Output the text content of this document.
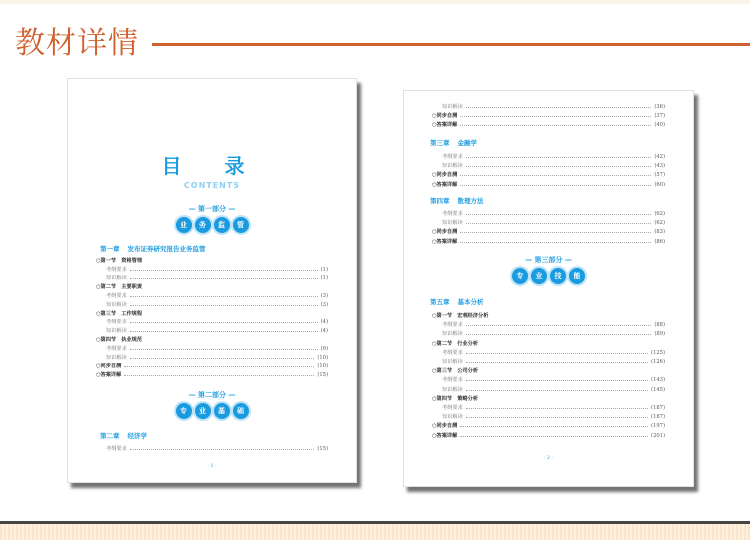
教材详情
目 录
CONTENTS
— 第一部分 —
业	务	监	管
第一章 发布证券研究报告业务监管
○第一节　资格管理
考纲要求	(1)
知识解读	(1)
○第二节　主要职责
考纲要求	(3)
知识解读	(3)
○第三节　工作规程
考纲要求	(4)
知识解读	(4)
○第四节　执业规范
考纲要求	(9)
知识解读	(10)
○同步自测	(10)
○答案详解	(15)
— 第二部分 —
专	业	基	础
第二章 经济学
考纲要求	(15)
· 1 ·
知识解读	(36)
○同步自测	(37)
○答案详解	(40)
第三章 金融学
考纲要求	(42)
知识解读	(43)
○同步自测	(57)
○答案详解	(60)
第四章 数理方法
考纲要求	(62)
知识解读	(62)
○同步自测	(83)
○答案详解	(86)
— 第三部分 —
专	业	技	能
第五章 基本分析
○第一节　宏观经济分析
考纲要求	(88)
知识解读	(89)
○第二节　行业分析
考纲要求	(125)
知识解读	(126)
○第三节　公司分析
考纲要求	(143)
知识解读	(145)
○第四节　策略分析
考纲要求	(187)
知识解读	(187)
○同步自测	(197)
○答案详解	(201)
· 2 ·
